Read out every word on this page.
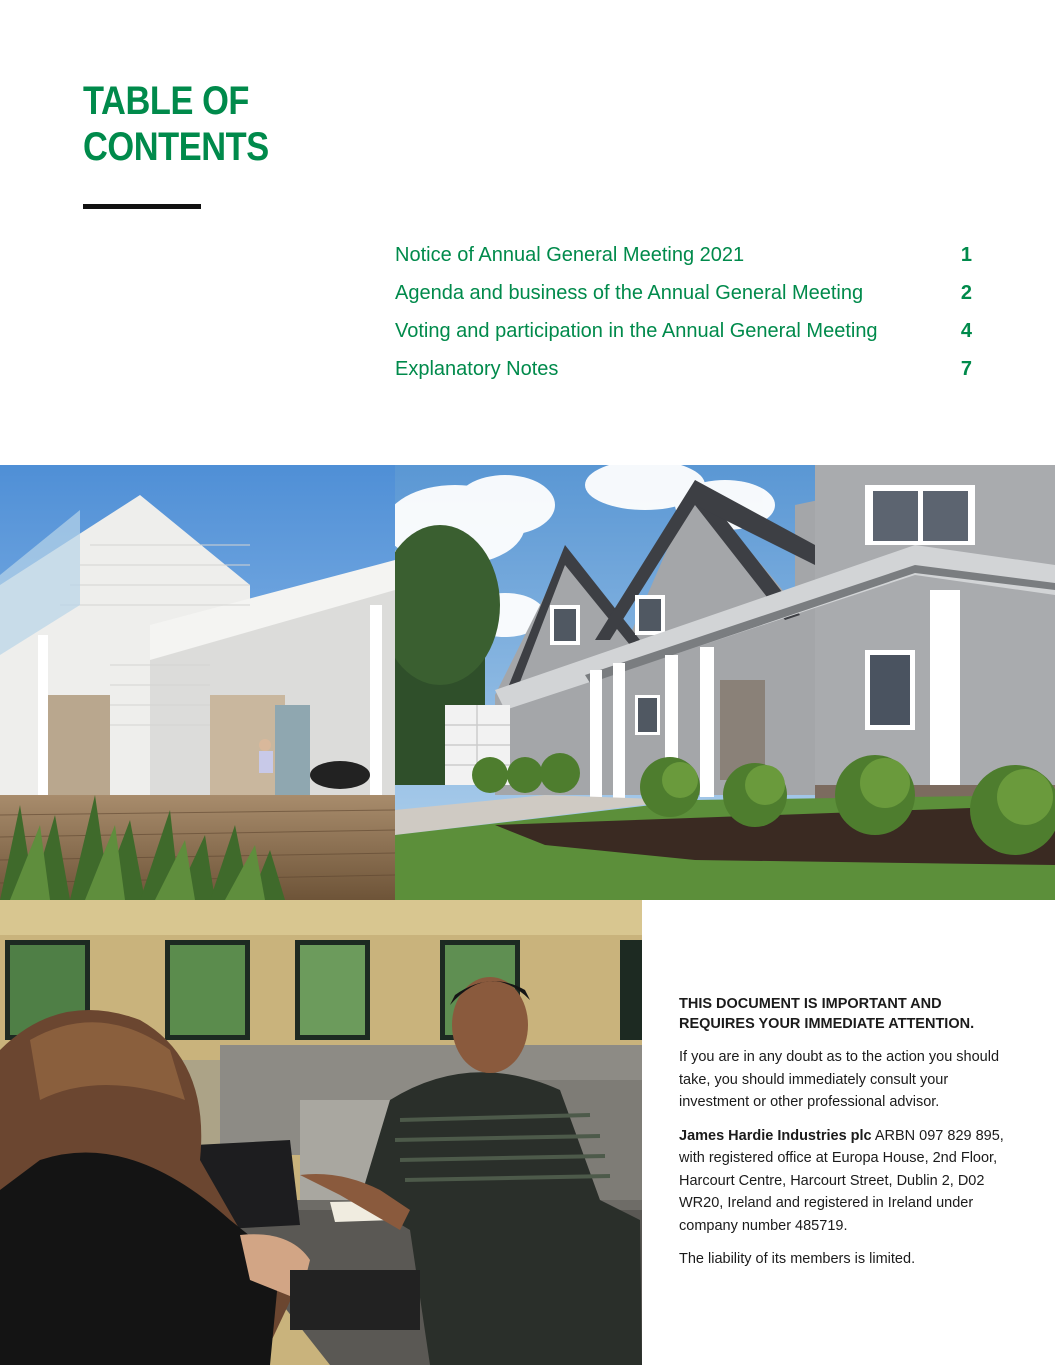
TABLE OF
CONTENTS
Notice of Annual General Meeting 2021	1
Agenda and business of the Annual General Meeting	2
Voting and participation in the Annual General Meeting	4
Explanatory Notes	7

THIS DOCUMENT IS IMPORTANT AND REQUIRES YOUR IMMEDIATE ATTENTION.

If you are in any doubt as to the action you should take, you should immediately consult your investment or other professional advisor.

James Hardie Industries plc ARBN 097 829 895, with registered office at Europa House, 2nd Floor, Harcourt Centre, Harcourt Street, Dublin 2, D02 WR20, Ireland and registered in Ireland under company number 485719.

The liability of its members is limited.
